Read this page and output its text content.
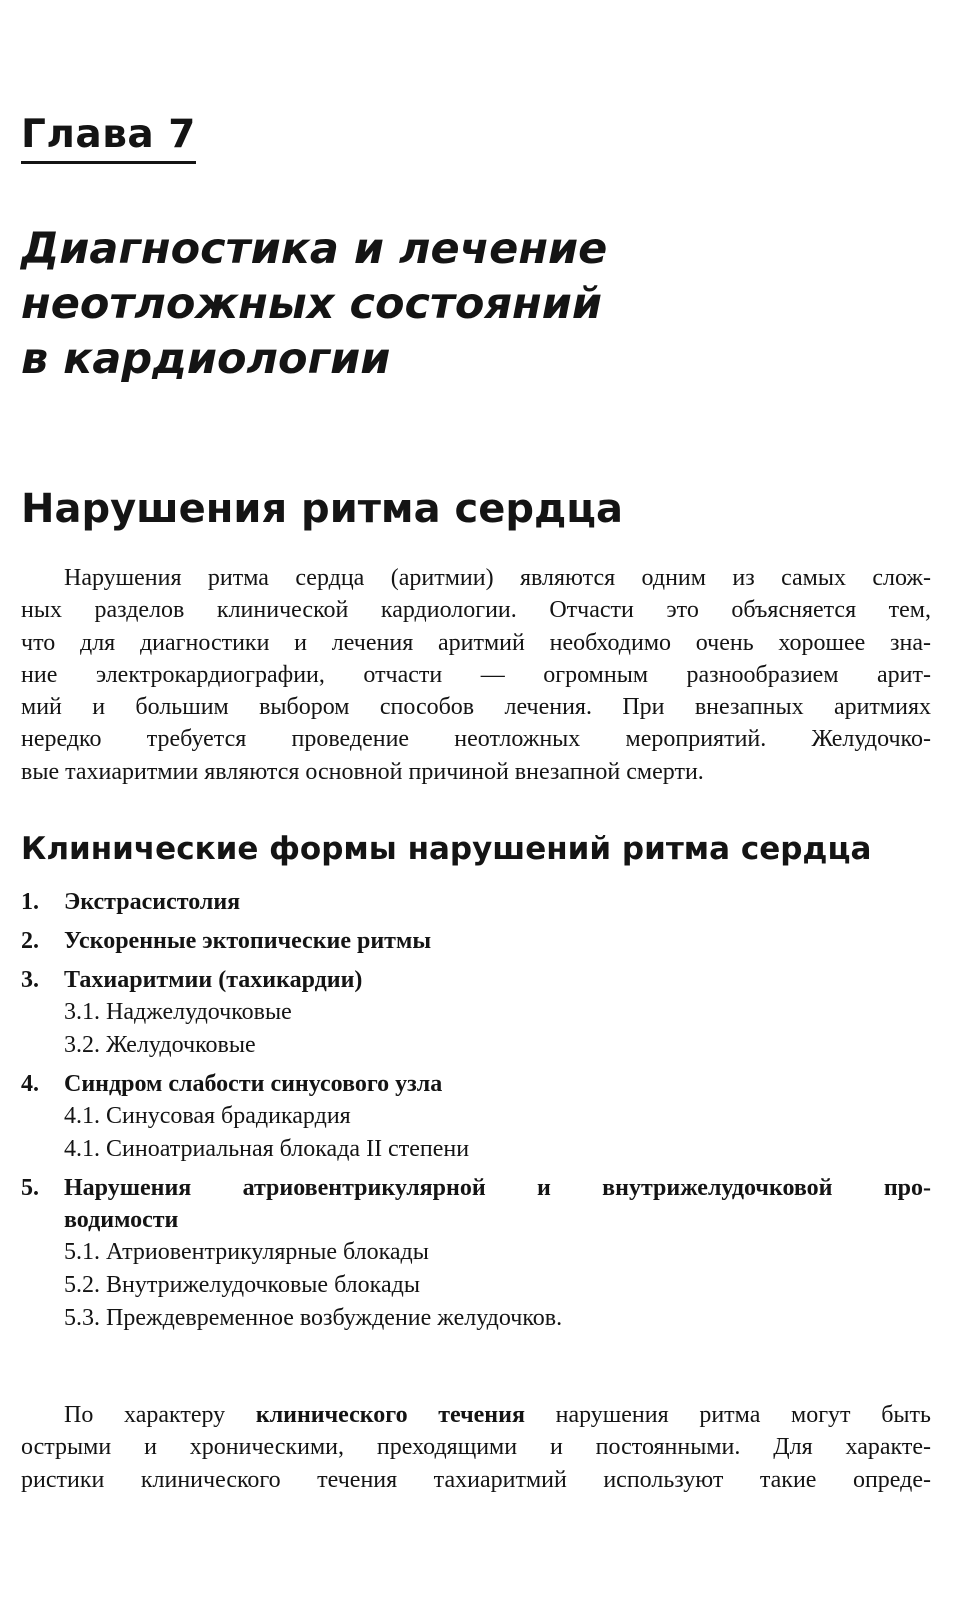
Глава 7
Диагностика и лечение
неотложных состояний
в кардиологии
Нарушения ритма сердца

Нарушения ритма сердца (аритмии) являются одним из самых слож-
ных разделов клинической кардиологии. Отчасти это объясняется тем,
что для диагностики и лечения аритмий необходимо очень хорошее зна-
ние электрокардиографии, отчасти — огромным разнообразием арит-
мий и большим выбором способов лечения. При внезапных аритмиях
нередко требуется проведение неотложных мероприятий. Желудочко-
вые тахиаритмии являются основной причиной внезапной смерти.

Клинические формы нарушений ритма сердца
1.	Экстрасистолия
2.	Ускоренные эктопические ритмы
3.	Тахиаритмии (тахикардии)
3.1. Наджелудочковые
3.2. Желудочковые
4.	Синдром слабости синусового узла
4.1. Синусовая брадикардия
4.1. Синоатриальная блокада II степени
5.	Нарушения атриовентрикулярной и внутрижелудочковой про-
водимости
5.1. Атриовентрикулярные блокады
5.2. Внутрижелудочковые блокады
5.3. Преждевременное возбуждение желудочков.

По характеру клинического течения нарушения ритма могут быть
острыми и хроническими, преходящими и постоянными. Для характе-
ристики клинического течения тахиаритмий используют такие опреде-
